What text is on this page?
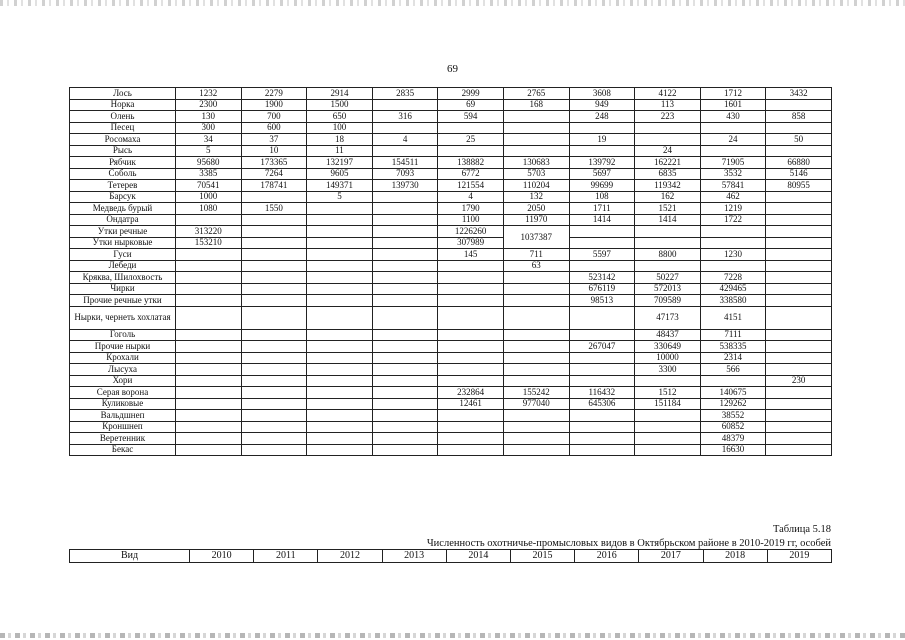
69
Лось	1232	2279	2914	2835	2999	2765	3608	4122	1712	3432
Норка	2300	1900	1500		69	168	949	113	1601	
Олень	130	700	650	316	594		248	223	430	858
Песец	300	600	100							
Росомаха	34	37	18	4	25		19		24	50
Рысь	5	10	11					24		
Рябчик	95680	173365	132197	154511	138882	130683	139792	162221	71905	66880
Соболь	3385	7264	9605	7093	6772	5703	5697	6835	3532	5146
Тетерев	70541	178741	149371	139730	121554	110204	99699	119342	57841	80955
Барсук	1000		5		4	132	108	162	462	
Медведь бурый	1080	1550			1790	2050	1711	1521	1219	
Ондатра					1100	11970	1414	1414	1722	
Утки речные	313220				1226260	1037387				
Утки нырковые	153210				307989					
Гуси					145	711	5597	8800	1230	
Лебеди						63				
Кряква, Шилохвость							523142	50227	7228	
Чирки							676119	572013	429465	
Прочие речные утки							98513	709589	338580	
Нырки, чернеть хохлатая								47173	4151	
Гоголь								48437	7111	
Прочие нырки							267047	330649	538335	
Крохали								10000	2314	
Лысуха								3300	566	
Хори										230
Серая ворона					232864	155242	116432	1512	140675	
Куликовые					12461	977040	645306	151184	129262	
Вальдшнеп									38552	
Кроншнеп									60852	
Веретенник									48379	
Бекас									16630	
Таблица 5.18
Численность охотничье-промысловых видов в Октябрьском районе в 2010-2019 гг, особей
Вид	2010	2011	2012	2013	2014	2015	2016	2017	2018	2019
